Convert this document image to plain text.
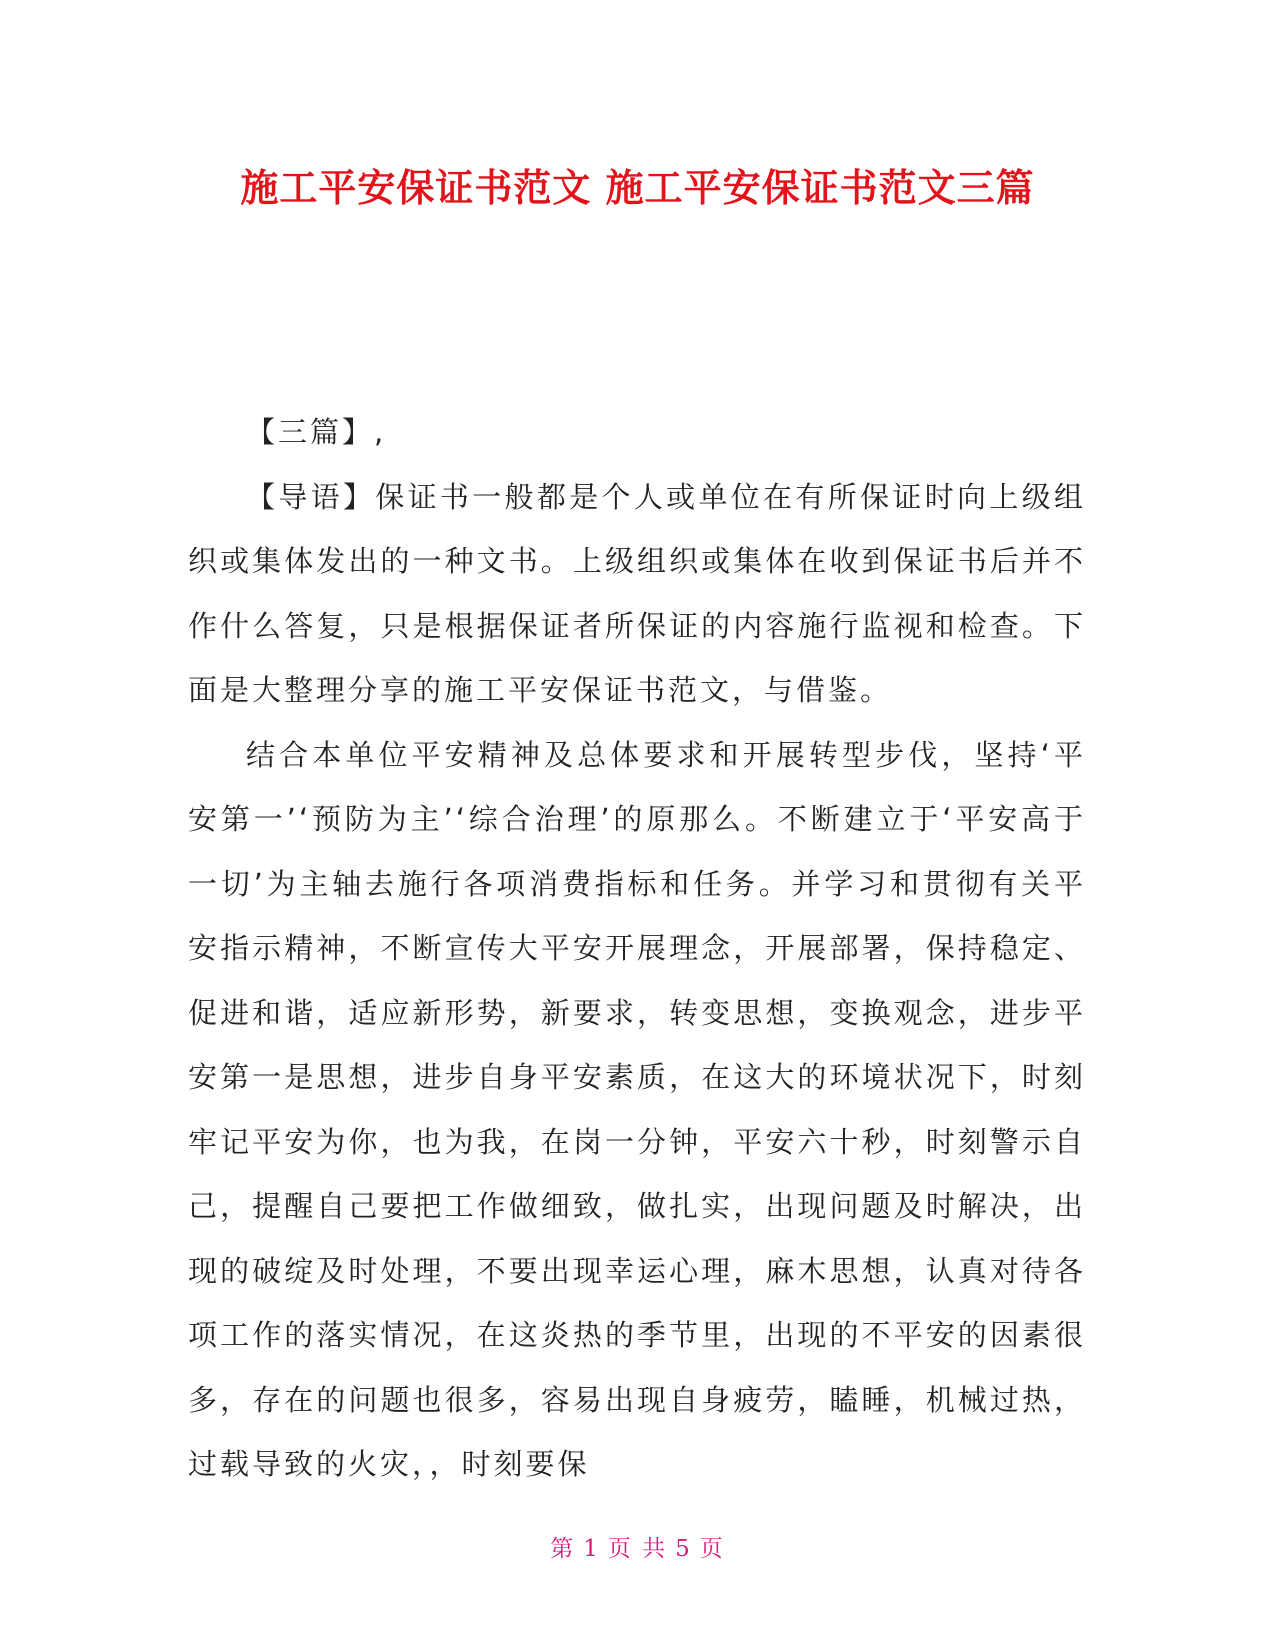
施工平安保证书范文 施工平安保证书范文三篇

【三篇】,

【导语】保证书一般都是个人或单位在有所保证时向上级组织或集体发出的一种文书。上级组织或集体在收到保证书后并不作什么答复，只是根据保证者所保证的内容施行监视和检查。下面是大整理分享的施工平安保证书范文，与借鉴。

结合本单位平安精神及总体要求和开展转型步伐，坚持‘平安第一’‘预防为主’‘综合治理’的原那么。不断建立于‘平安高于一切’为主轴去施行各项消费指标和任务。并学习和贯彻有关平安指示精神，不断宣传大平安开展理念，开展部署，保持稳定、促进和谐，适应新形势，新要求，转变思想，变换观念，进步平安第一是思想，进步自身平安素质，在这大的环境状况下，时刻牢记平安为你，也为我，在岗一分钟，平安六十秒，时刻警示自己，提醒自己要把工作做细致，做扎实，出现问题及时解决，出现的破绽及时处理，不要出现幸运心理，麻木思想，认真对待各项工作的落实情况，在这炎热的季节里，出现的不平安的因素很多，存在的问题也很多，容易出现自身疲劳，瞌睡，机械过热，过载导致的火灾，，时刻要保

第 1 页 共 5 页
